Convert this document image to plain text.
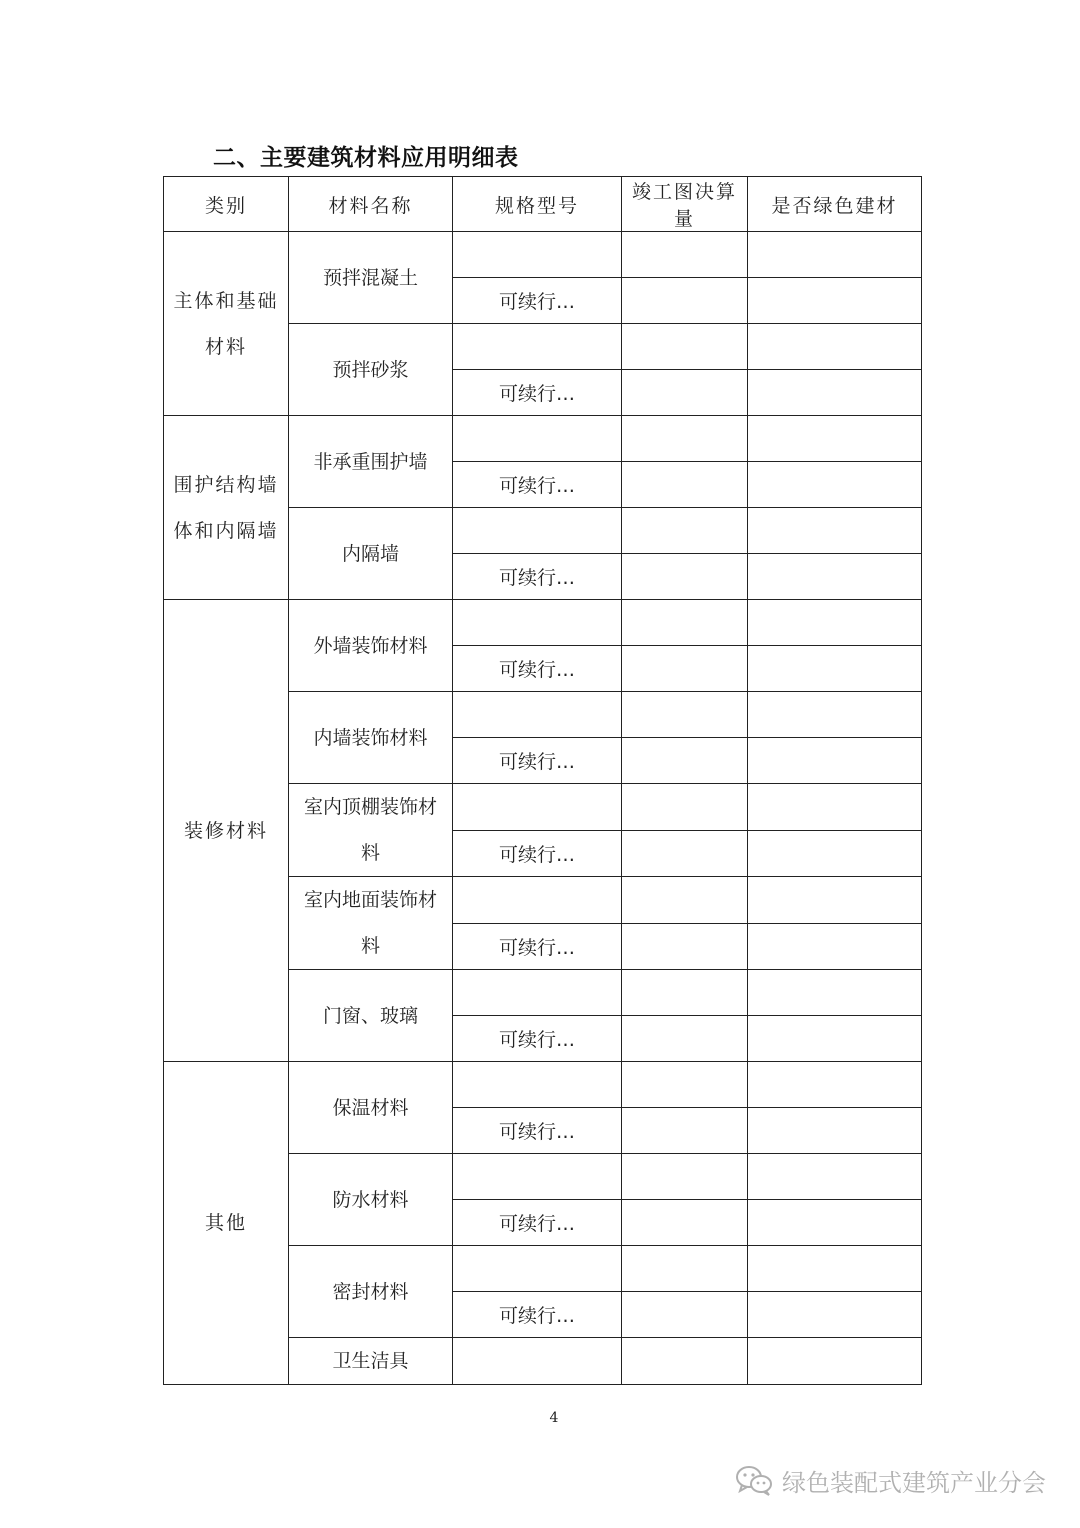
二、主要建筑材料应用明细表
类别	材料名称	规格型号	竣工图决算量	是否绿色建材
主体和基础材料	预拌混凝土			
		可续行…		
	预拌砂浆			
		可续行…		
围护结构墙体和内隔墙	非承重围护墙			
		可续行…		
	内隔墙			
		可续行…		
装修材料	外墙装饰材料			
		可续行…		
	内墙装饰材料			
		可续行…		
	室内顶棚装饰材料			
		可续行…		
	室内地面装饰材料			
		可续行…		
	门窗、玻璃			
		可续行…		
其他	保温材料			
		可续行…		
	防水材料			
		可续行…		
	密封材料			
		可续行…		
	卫生洁具			
4
绿色装配式建筑产业分会
